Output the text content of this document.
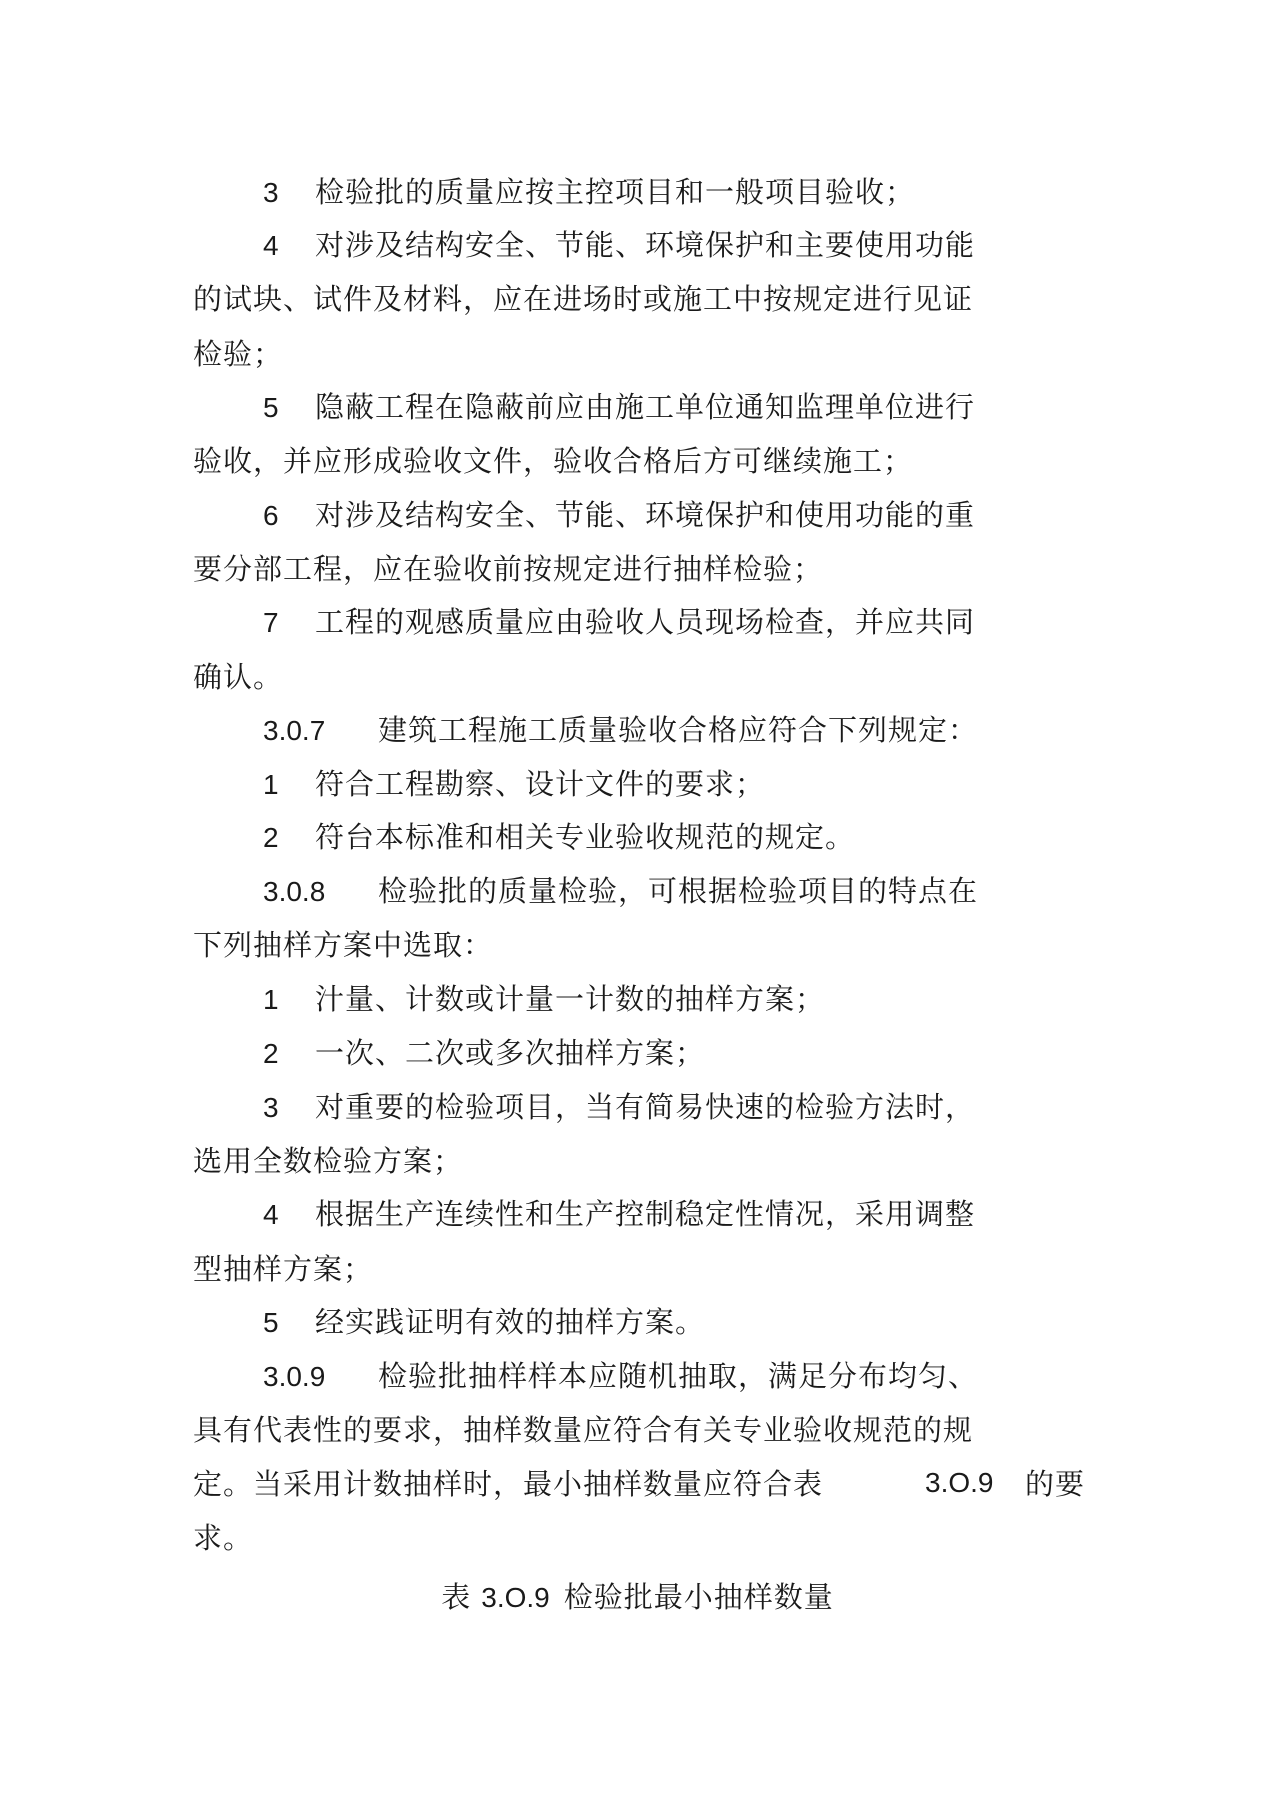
3 检验批的质量应按主控项目和一般项目验收；
4 对涉及结构安全、节能、环境保护和主要使用功能
的试块、试件及材料，应在进场时或施工中按规定进行见证
检验；
5 隐蔽工程在隐蔽前应由施工单位通知监理单位进行
验收，并应形成验收文件，验收合格后方可继续施工；
6 对涉及结构安全、节能、环境保护和使用功能的重
要分部工程，应在验收前按规定进行抽样检验；
7 工程的观感质量应由验收人员现场检查，并应共同
确认。
3.0.7 建筑工程施工质量验收合格应符合下列规定：
1 符合工程勘察、设计文件的要求；
2 符台本标准和相关专业验收规范的规定。
3.0.8 检验批的质量检验，可根据检验项目的特点在
下列抽样方案中选取：
1 汁量、计数或计量一计数的抽样方案；
2 一次、二次或多次抽样方案；
3 对重要的检验项目，当有简易快速的检验方法时，
选用全数检验方案；
4 根据生产连续性和生产控制稳定性情况，采用调整
型抽样方案；
5 经实践证明有效的抽样方案。
3.0.9 检验批抽样样本应随机抽取，满足分布均匀、
具有代表性的要求，抽样数量应符合有关专业验收规范的规
定。当采用计数抽样时，最小抽样数量应符合表	3.O.9 的要
求。
表 3.O.9 检验批最小抽样数量
